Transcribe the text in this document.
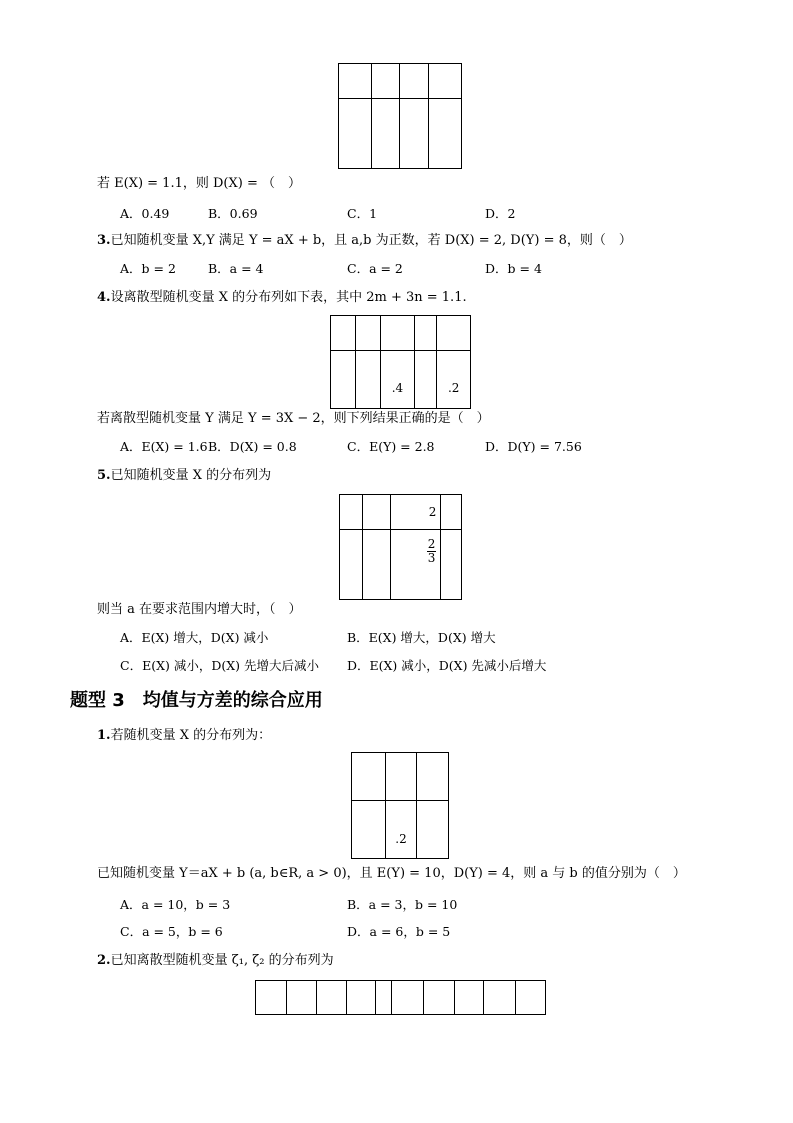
若 E(X) = 1.1，则 D(X) = （　）
A．0.49	B．0.69	C．1	D．2
3.已知随机变量 X,Y 满足 Y = aX + b，且 a,b 为正数，若 D(X) = 2, D(Y) = 8，则（　）
A．b = 2	B．a = 4	C．a = 2	D．b = 4
4.设离散型随机变量 X 的分布列如下表，其中 2m + 3n = 1.1.

		.4		.2
若离散型随机变量 Y 满足 Y = 3X − 2，则下列结果正确的是（　）
A．E(X) = 1.6 B．D(X) = 0.8	C．E(Y) = 2.8	D．D(Y) = 7.56
5.已知随机变量 X 的分布列为
		2	

		$\frac{2}{3}$

则当 a 在要求范围内增大时，（　）
A．E(X) 增大，D(X) 减小	B．E(X) 增大，D(X) 增大
C．E(X) 减小，D(X) 先增大后减小 D．E(X) 减小，D(X) 先减小后增大
题型 3　均值与方差的综合应用
1.若随机变量 X 的分布列为：

	.2	
已知随机变量 Y＝aX + b (a, b∈R, a > 0)，且 E(Y) = 10，D(Y) = 4，则 a 与 b 的值分别为（　）
A．a = 10，b = 3	B．a = 3，b = 10
C．a = 5，b = 6	D．a = 6，b = 5
2.已知离散型随机变量 ζ₁, ζ₂ 的分布列为
